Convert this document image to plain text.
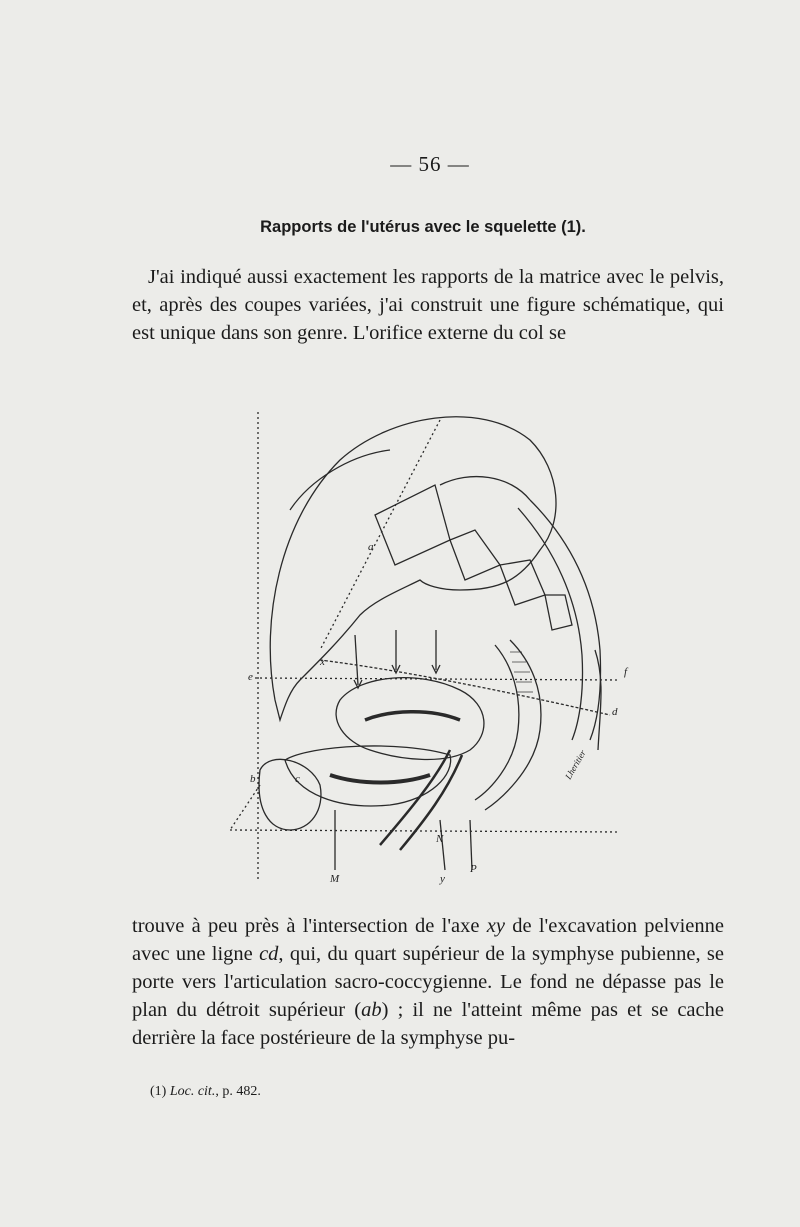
— 56 —
Rapports de l'utérus avec le squelette (1).

J'ai indiqué aussi exactement les rapports de la matrice avec le pelvis, et, après des coupes variées, j'ai construit une figure schématique, qui est unique dans son genre. L'orifice externe du col se

a
e
x
f
d
b	c
M
N
y
P
Lheritier

trouve à peu près à l'intersection de l'axe xy de l'excavation pelvienne avec une ligne cd, qui, du quart supérieur de la symphyse pubienne, se porte vers l'articulation sacro-coccygienne. Le fond ne dépasse pas le plan du détroit supérieur (ab) ; il ne l'atteint même pas et se cache derrière la face postérieure de la symphyse pu-

(1) Loc. cit., p. 482.
